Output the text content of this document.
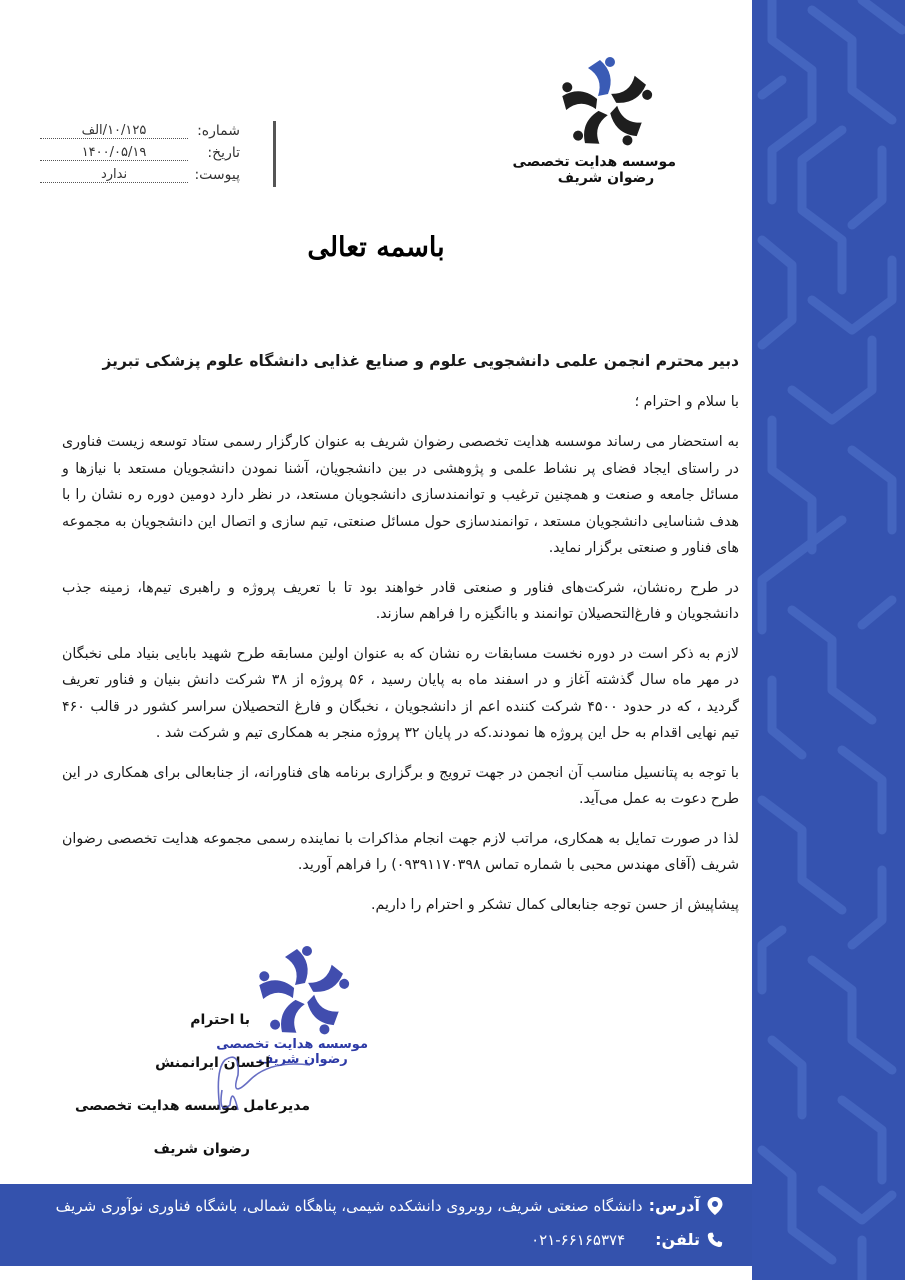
شماره:
۱۰/۱۲۵/الف
تاریخ:
۱۴۰۰/۰۵/۱۹
پیوست:
ندارد
موسسه هدایت تخصصی
رضوان شریف
باسمه تعالی
دبیر محترم انجمن علمی دانشجویی علوم و صنایع غذایی دانشگاه علوم پزشکی تبریز
با سلام و احترام ؛

به استحضار می رساند موسسه هدایت تخصصی رضوان شریف به عنوان کارگزار رسمی ستاد توسعه زیست فناوری در راستای ایجاد فضای پر نشاط علمی و پژوهشی در بین دانشجویان، آشنا نمودن دانشجویان مستعد با نیازها و مسائل جامعه و صنعت و همچنین ترغیب و توانمندسازی دانشجویان مستعد، در نظر دارد دومین دوره ره نشان را با هدف شناسایی دانشجویان مستعد ، توانمندسازی حول مسائل صنعتی، تیم سازی و اتصال این دانشجویان به مجموعه های فناور و صنعتی برگزار نماید.

در طرح رەنشان، شرکت‌های فناور و صنعتی قادر خواهند بود تا با تعریف پروژه و راهبری تیم‌ها، زمینه جذب دانشجویان و فارغ‌التحصیلان توانمند و باانگیزه را فراهم سازند.

لازم به ذکر است در دوره نخست مسابقات ره نشان که به عنوان اولین مسابقه طرح شهید بابایی بنیاد ملی نخبگان در مهر ماه سال گذشته آغاز و در اسفند ماه به پایان رسید ، ۵۶ پروژه از ۳۸ شرکت دانش بنیان و فناور تعریف گردید ، که در حدود ۴۵۰۰ شرکت کننده اعم از دانشجویان ، نخبگان و فارغ التحصیلان سراسر کشور در قالب ۴۶۰ تیم نهایی اقدام به حل این پروژه ها نمودند.که در پایان ۳۲ پروژه منجر به همکاری تیم و شرکت شد .

با توجه به پتانسیل مناسب آن انجمن در جهت ترویج و برگزاری برنامه های فناورانه، از جنابعالی برای همکاری در این طرح دعوت به عمل می‌آید.

لذا در صورت تمایل به همکاری، مراتب لازم جهت انجام مذاکرات با نماینده رسمی مجموعه هدایت تخصصی رضوان شریف (آقای مهندس محبی با شماره تماس ۰۹۳۹۱۱۷۰۳۹۸) را فراهم آورید.

پیشاپیش از حسن توجه جنابعالی کمال تشکر و احترام را داریم.

موسسه هدایت تخصصی
رضوان شریف
با احترام
احسان ایرانمنش
مدیرعامل موسسه هدایت تخصصی
رضوان شریف
آدرس:
دانشگاه صنعتی شریف، روبروی دانشکده شیمی، پناهگاه شمالی، باشگاه فناوری نوآوری شریف
تلفن:
۰۲۱-۶۶۱۶۵۳۷۴
